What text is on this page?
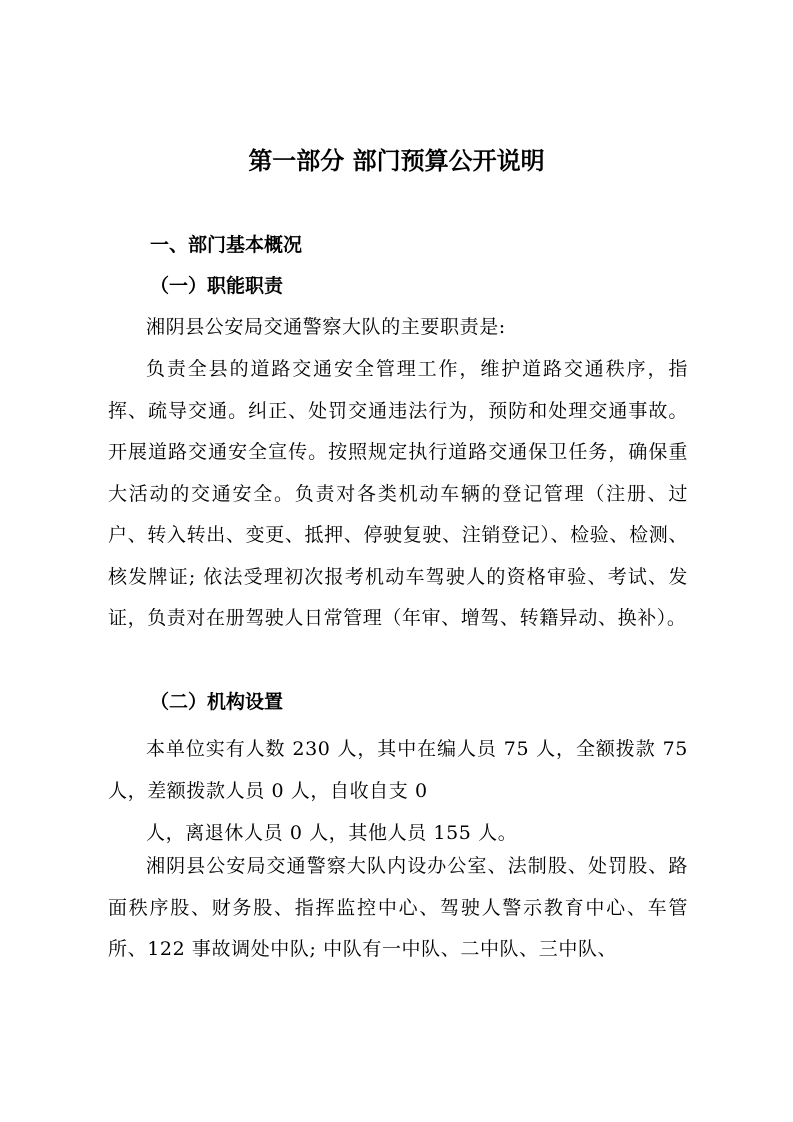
第一部分 部门预算公开说明
一、部门基本概况
（一）职能职责

湘阴县公安局交通警察大队的主要职责是:

负责全县的道路交通安全管理工作，维护道路交通秩序，指挥、疏导交通。纠正、处罚交通违法行为，预防和处理交通事故。开展道路交通安全宣传。按照规定执行道路交通保卫任务，确保重大活动的交通安全。负责对各类机动车辆的登记管理（注册、过户、转入转出、变更、抵押、停驶复驶、注销登记）、检验、检测、核发牌证; 依法受理初次报考机动车驾驶人的资格审验、考试、发证，负责对在册驾驶人日常管理（年审、增驾、转籍异动、换补）。

（二）机构设置

本单位实有人数 230 人，其中在编人员 75 人，全额拨款 75 人，差额拨款人员 0 人，自收自支 0

人，离退休人员 0 人，其他人员 155 人。

湘阴县公安局交通警察大队内设办公室、法制股、处罚股、路面秩序股、财务股、指挥监控中心、驾驶人警示教育中心、车管所、122 事故调处中队; 中队有一中队、二中队、三中队、
